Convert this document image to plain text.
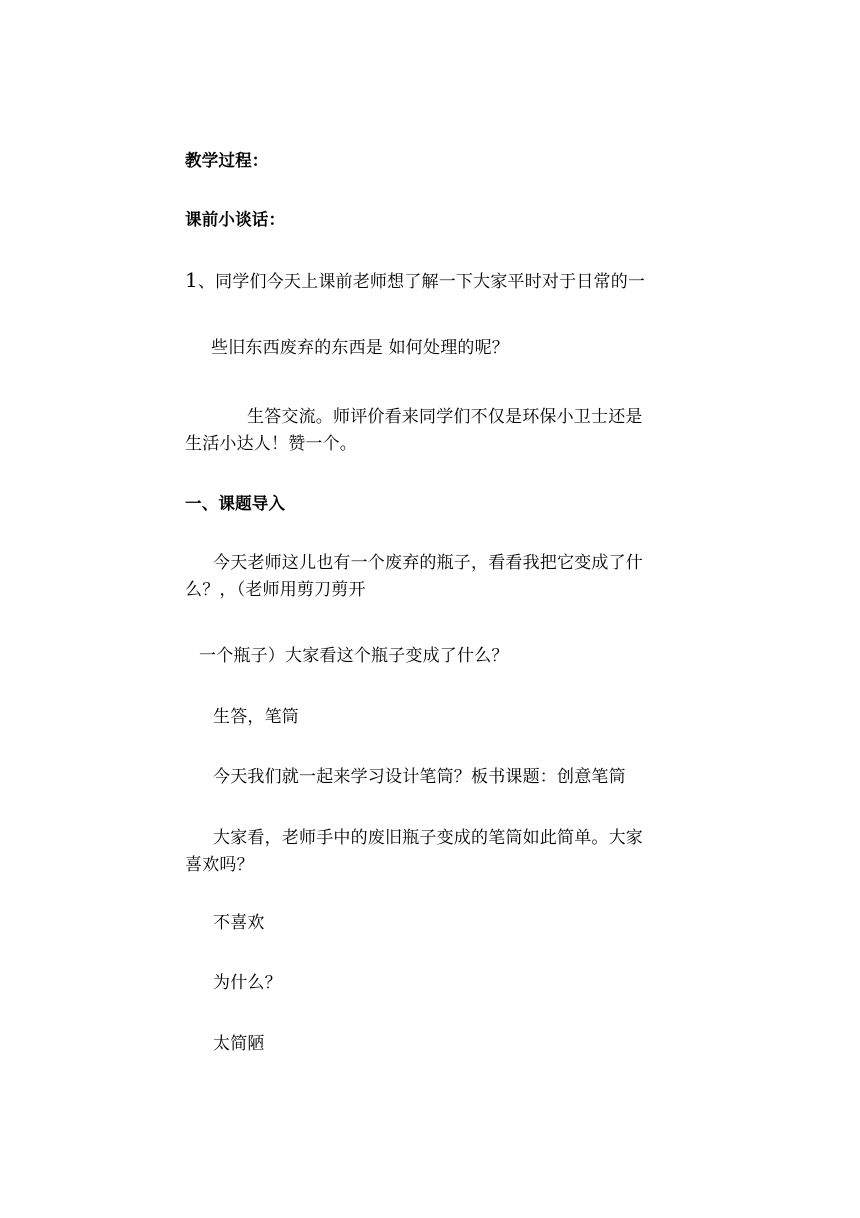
教学过程：
课前小谈话：
1、同学们今天上课前老师想了解一下大家平时对于日常的一
些旧东西废弃的东西是 如何处理的呢？
生答交流。师评价看来同学们不仅是环保小卫士还是
生活小达人！赞一个。
一、课题导入
今天老师这儿也有一个废弃的瓶子，看看我把它变成了什
么？，（老师用剪刀剪开
一个瓶子）大家看这个瓶子变成了什么？
生答，笔筒
今天我们就一起来学习设计笔筒？板书课题：创意笔筒
大家看，老师手中的废旧瓶子变成的笔筒如此简单。大家
喜欢吗？
不喜欢
为什么？
太简陋
